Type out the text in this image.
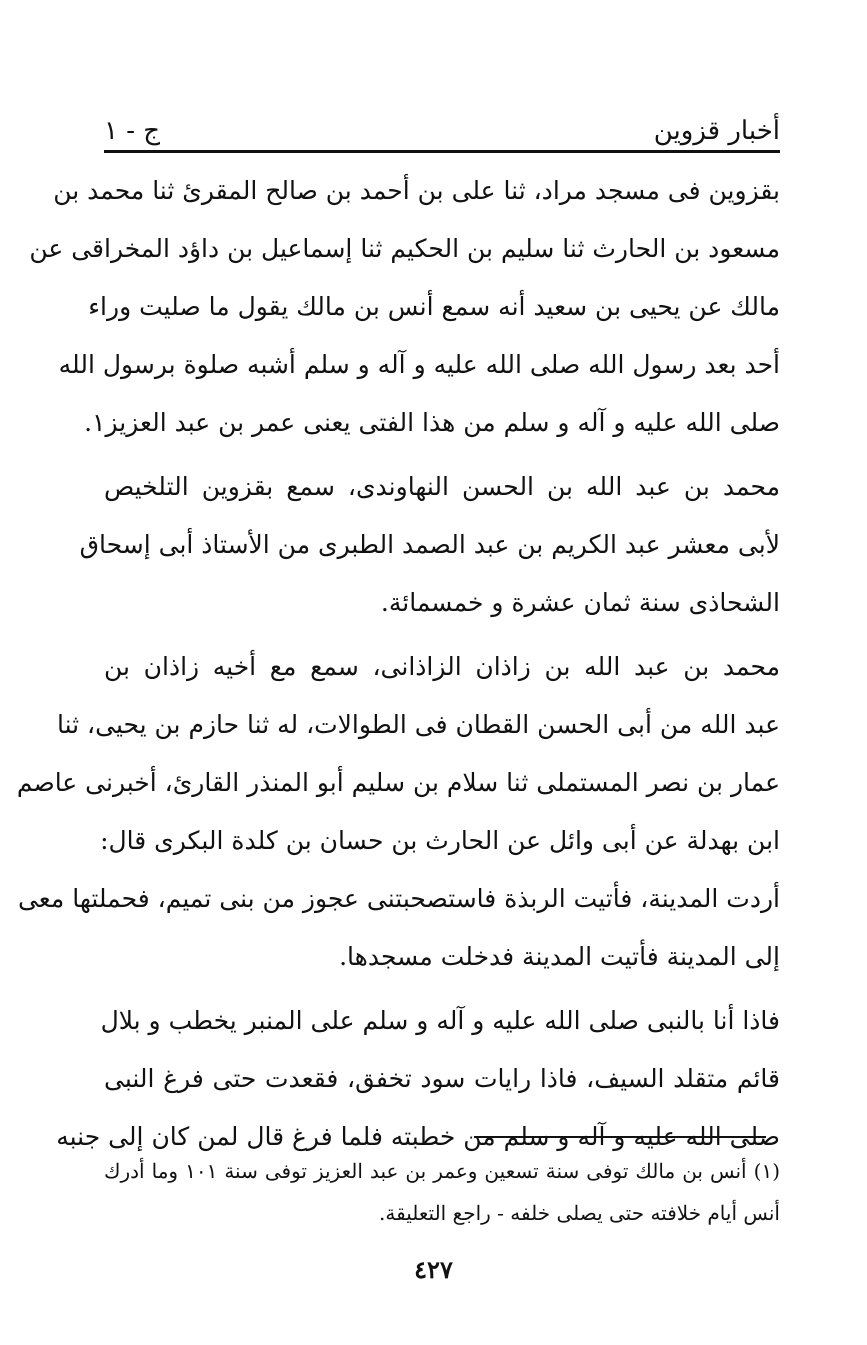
أخبار قزوين
ج - ١
بقزوين فى مسجد مراد، ثنا على بن أحمد بن صالح المقرئ ثنا محمد بن
مسعود بن الحارث ثنا سليم بن الحكيم ثنا إسماعيل بن داؤد المخراقى عن
مالك عن يحيى بن سعيد أنه سمع أنس بن مالك يقول ما صليت وراء
أحد بعد رسول الله صلى الله عليه و آله و سلم أشبه صلوة برسول الله
صلى الله عليه و آله و سلم من هذا الفتى يعنى عمر بن عبد العزيز١.
محمد بن عبد الله بن الحسن النهاوندى، سمع بقزوين التلخيص
لأبى معشر عبد الكريم بن عبد الصمد الطبرى من الأستاذ أبى إسحاق
الشحاذى سنة ثمان عشرة و خمسمائة.
محمد بن عبد الله بن زاذان الزاذانى، سمع مع أخيه زاذان بن
عبد الله من أبى الحسن القطان فى الطوالات، له ثنا حازم بن يحيى، ثنا
عمار بن نصر المستملى ثنا سلام بن سليم أبو المنذر القارئ، أخبرنى عاصم
ابن بهدلة عن أبى وائل عن الحارث بن حسان بن كلدة البكرى قال:
أردت المدينة، فأتيت الربذة فاستصحبتنى عجوز من بنى تميم، فحملتها معى
إلى المدينة فأتيت المدينة فدخلت مسجدها.
فاذا أنا بالنبى صلى الله عليه و آله و سلم على المنبر يخطب و بلال
قائم متقلد السيف، فاذا رايات سود تخفق، فقعدت حتى فرغ النبى
صلى الله عليه و آله و سلم من خطبته فلما فرغ قال لمن كان إلى جنبه
(١) أنس بن مالك توفى سنة تسعين وعمر بن عبد العزيز توفى سنة ١٠١ وما أدرك
أنس أيام خلافته حتى يصلى خلفه - راجع التعليقة.
٤٢٧
